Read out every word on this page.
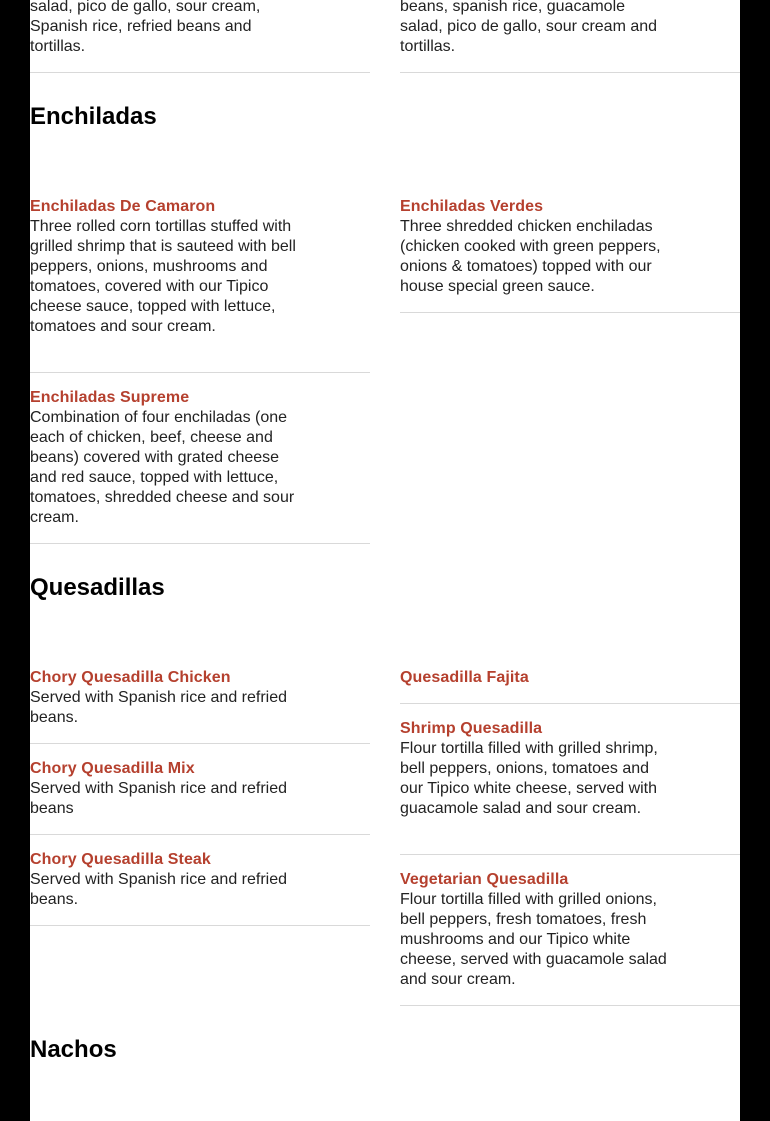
salad, pico de gallo, sour cream, Spanish rice, refried beans and tortillas.
beans, spanish rice, guacamole salad, pico de gallo, sour cream and tortillas.
Enchiladas
Enchiladas De Camaron
Three rolled corn tortillas stuffed with grilled shrimp that is sauteed with bell peppers, onions, mushrooms and tomatoes, covered with our Tipico cheese sauce, topped with lettuce, tomatoes and sour cream.
Enchiladas Verdes
Three shredded chicken enchiladas (chicken cooked with green peppers, onions & tomatoes) topped with our house special green sauce.
Enchiladas Supreme
Combination of four enchiladas (one each of chicken, beef, cheese and beans) covered with grated cheese and red sauce, topped with lettuce, tomatoes, shredded cheese and sour cream.
Quesadillas
Chory Quesadilla Chicken
Served with Spanish rice and refried beans.
Quesadilla Fajita
Chory Quesadilla Mix
Served with Spanish rice and refried beans
Shrimp Quesadilla
Flour tortilla filled with grilled shrimp, bell peppers, onions, tomatoes and our Tipico white cheese, served with guacamole salad and sour cream.
Chory Quesadilla Steak
Served with Spanish rice and refried beans.
Vegetarian Quesadilla
Flour tortilla filled with grilled onions, bell peppers, fresh tomatoes, fresh mushrooms and our Tipico white cheese, served with guacamole salad and sour cream.
Nachos
